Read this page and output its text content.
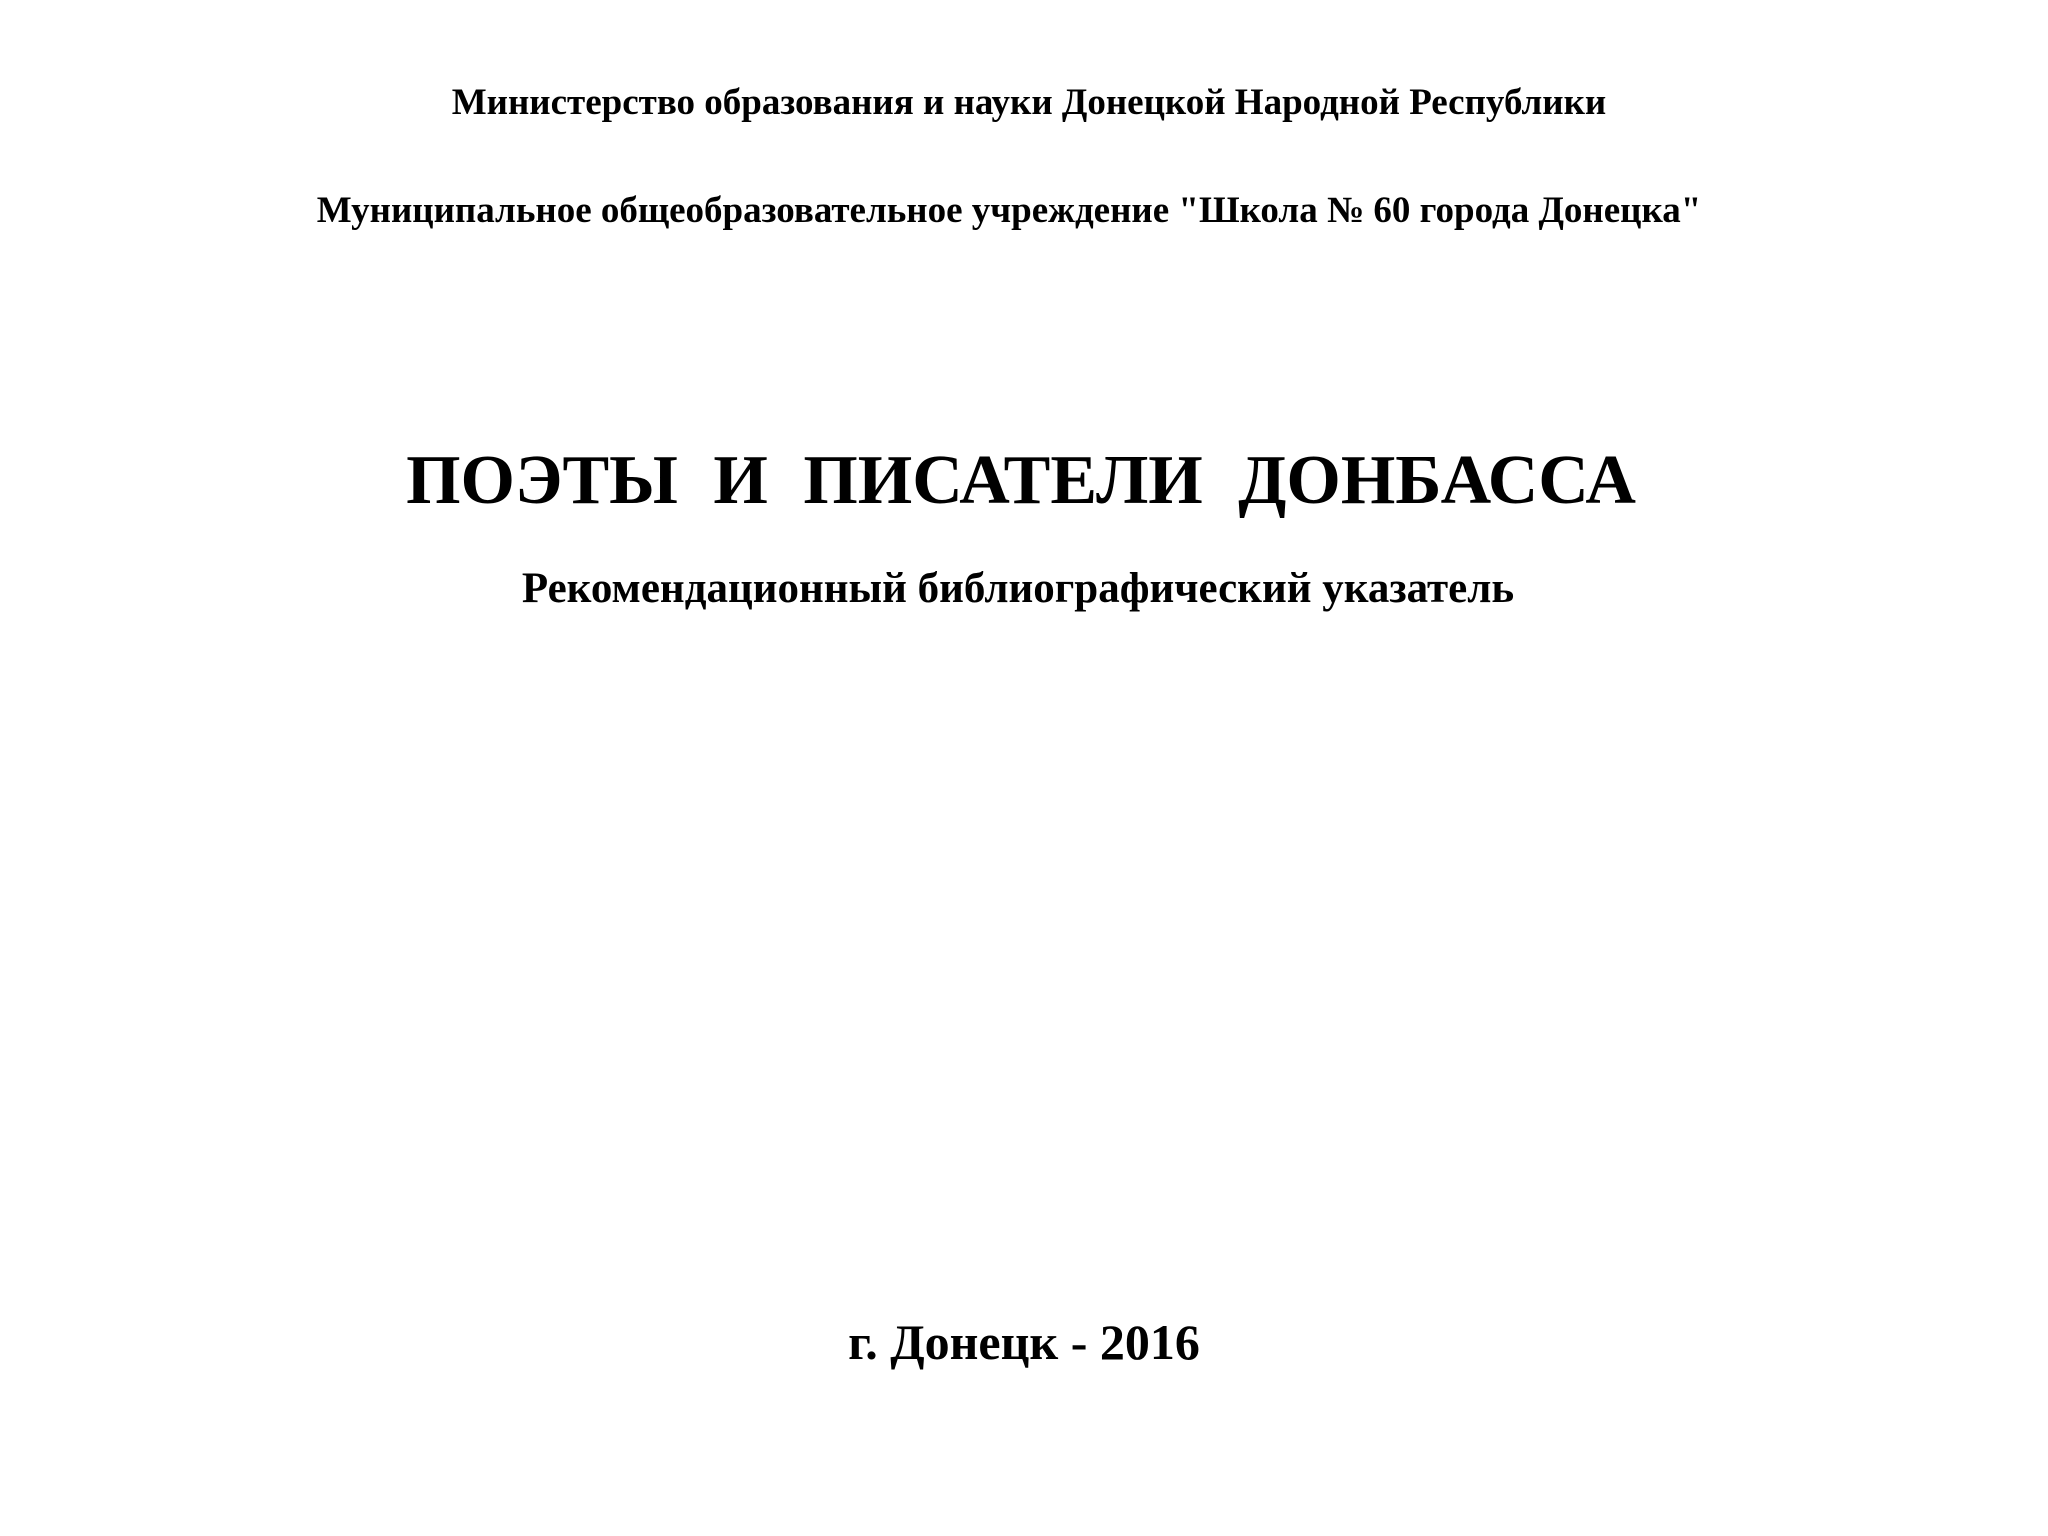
Министерство образования и науки Донецкой Народной Республики
Муниципальное общеобразовательное учреждение "Школа № 60 города Донецка"
ПОЭТЫ И ПИСАТЕЛИ ДОНБАССА
Рекомендационный библиографический указатель
г. Донецк - 2016
